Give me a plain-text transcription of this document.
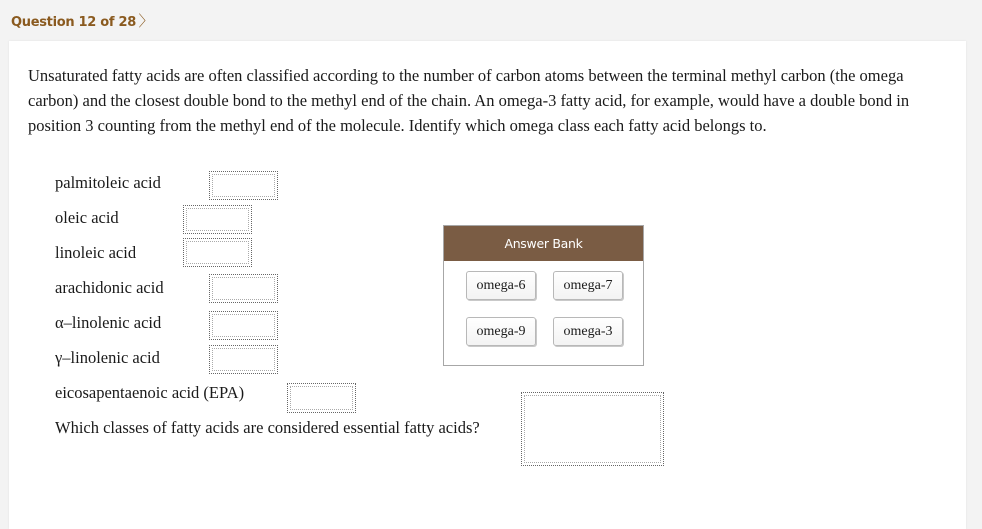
Question 12 of 28 〉
Unsaturated fatty acids are often classified according to the number of carbon atoms between the terminal methyl carbon (the omega carbon) and the closest double bond to the methyl end of the chain. An omega-3 fatty acid, for example, would have a double bond in position 3 counting from the methyl end of the molecule. Identify which omega class each fatty acid belongs to.
palmitoleic acid
oleic acid
linoleic acid
arachidonic acid
α–linolenic acid
γ–linolenic acid
eicosapentaenoic acid (EPA)
Which classes of fatty acids are considered essential fatty acids?
Answer Bank
omega-6	omega-7
omega-9	omega-3
